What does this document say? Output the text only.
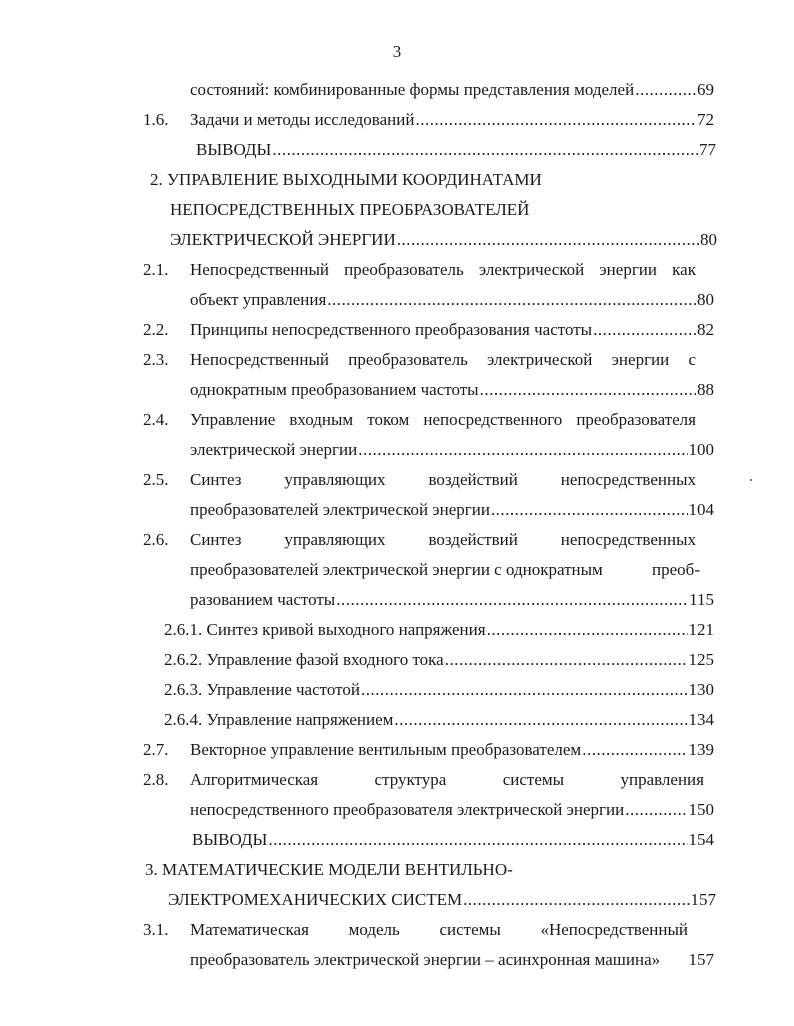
3
состояний: комбинированные формы представления моделей .....	69
1.6. Задачи и методы исследований .....	72
ВЫВОДЫ .....	77
2. УПРАВЛЕНИЕ ВЫХОДНЫМИ КООРДИНАТАМИ
НЕПОСРЕДСТВЕННЫХ ПРЕОБРАЗОВАТЕЛЕЙ
ЭЛЕКТРИЧЕСКОЙ ЭНЕРГИИ .....	80
2.1. Непосредственный преобразователь электрической энергии как
объект управления .....	80
2.2. Принципы непосредственного преобразования частоты .....	82
2.3. Непосредственный преобразователь электрической энергии с
однократным преобразованием частоты .....	88
2.4. Управление входным током непосредственного преобразователя
электрической энергии .....	100
2.5. Синтез	управляющих	воздействий	непосредственных
преобразователей электрической энергии .....	104
2.6. Синтез	управляющих	воздействий	непосредственных
преобразователей электрической энергии с однократным	преоб-
разованием частоты .....	115
2.6.1. Синтез кривой выходного напряжения .....	121
2.6.2. Управление фазой входного тока .....	125
2.6.3. Управление частотой .....	130
2.6.4. Управление напряжением .....	134
2.7. Векторное управление вентильным преобразователем .....	139
2.8. Алгоритмическая	структура	системы	управления
непосредственного преобразователя электрической энергии .....	150
ВЫВОДЫ .....	154
3. МАТЕМАТИЧЕСКИЕ МОДЕЛИ ВЕНТИЛЬНО-
ЭЛЕКТРОМЕХАНИЧЕСКИХ СИСТЕМ .....	157
3.1. Математическая модель системы «Непосредственный
преобразователь электрической энергии – асинхронная машина» 157
